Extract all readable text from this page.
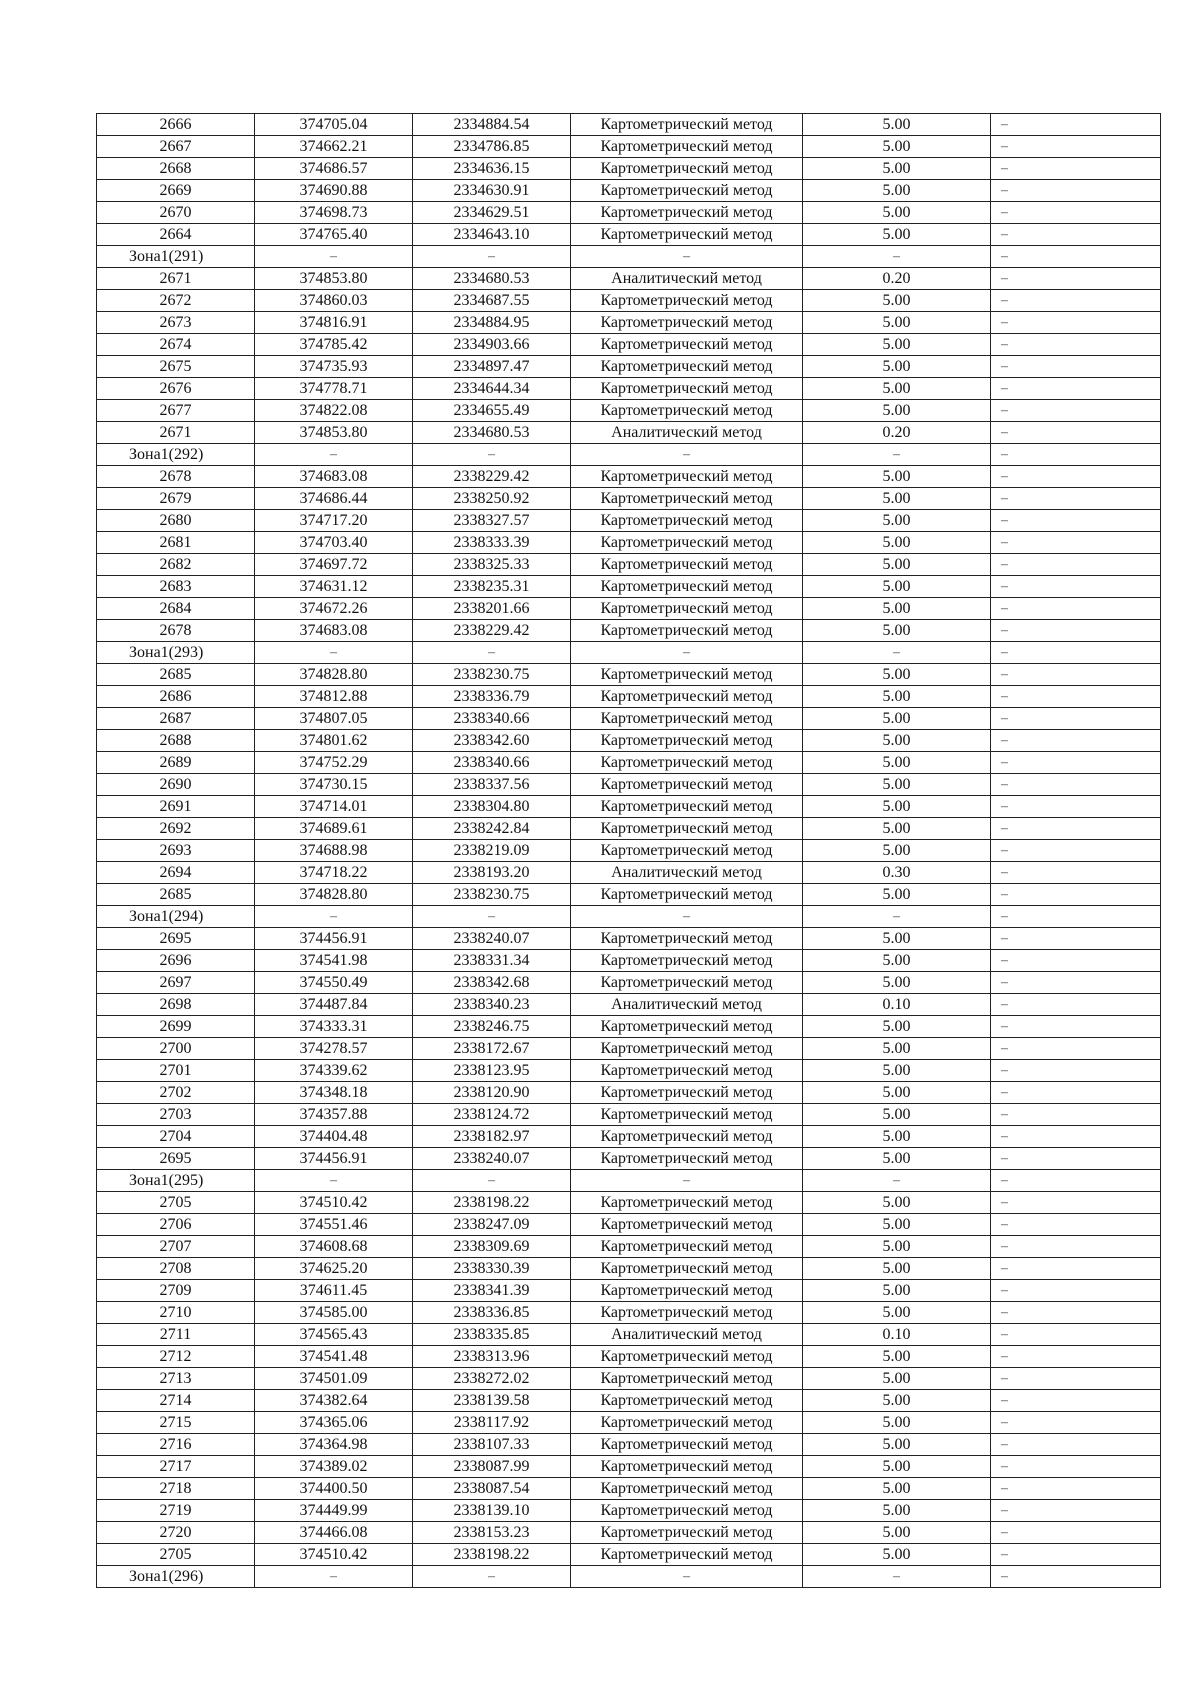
2666	374705.04	2334884.54	Картометрический метод	5.00	–
2667	374662.21	2334786.85	Картометрический метод	5.00	–
2668	374686.57	2334636.15	Картометрический метод	5.00	–
2669	374690.88	2334630.91	Картометрический метод	5.00	–
2670	374698.73	2334629.51	Картометрический метод	5.00	–
2664	374765.40	2334643.10	Картометрический метод	5.00	–
Зона1(291)	–	–	–	–	–
2671	374853.80	2334680.53	Аналитический метод	0.20	–
2672	374860.03	2334687.55	Картометрический метод	5.00	–
2673	374816.91	2334884.95	Картометрический метод	5.00	–
2674	374785.42	2334903.66	Картометрический метод	5.00	–
2675	374735.93	2334897.47	Картометрический метод	5.00	–
2676	374778.71	2334644.34	Картометрический метод	5.00	–
2677	374822.08	2334655.49	Картометрический метод	5.00	–
2671	374853.80	2334680.53	Аналитический метод	0.20	–
Зона1(292)	–	–	–	–	–
2678	374683.08	2338229.42	Картометрический метод	5.00	–
2679	374686.44	2338250.92	Картометрический метод	5.00	–
2680	374717.20	2338327.57	Картометрический метод	5.00	–
2681	374703.40	2338333.39	Картометрический метод	5.00	–
2682	374697.72	2338325.33	Картометрический метод	5.00	–
2683	374631.12	2338235.31	Картометрический метод	5.00	–
2684	374672.26	2338201.66	Картометрический метод	5.00	–
2678	374683.08	2338229.42	Картометрический метод	5.00	–
Зона1(293)	–	–	–	–	–
2685	374828.80	2338230.75	Картометрический метод	5.00	–
2686	374812.88	2338336.79	Картометрический метод	5.00	–
2687	374807.05	2338340.66	Картометрический метод	5.00	–
2688	374801.62	2338342.60	Картометрический метод	5.00	–
2689	374752.29	2338340.66	Картометрический метод	5.00	–
2690	374730.15	2338337.56	Картометрический метод	5.00	–
2691	374714.01	2338304.80	Картометрический метод	5.00	–
2692	374689.61	2338242.84	Картометрический метод	5.00	–
2693	374688.98	2338219.09	Картометрический метод	5.00	–
2694	374718.22	2338193.20	Аналитический метод	0.30	–
2685	374828.80	2338230.75	Картометрический метод	5.00	–
Зона1(294)	–	–	–	–	–
2695	374456.91	2338240.07	Картометрический метод	5.00	–
2696	374541.98	2338331.34	Картометрический метод	5.00	–
2697	374550.49	2338342.68	Картометрический метод	5.00	–
2698	374487.84	2338340.23	Аналитический метод	0.10	–
2699	374333.31	2338246.75	Картометрический метод	5.00	–
2700	374278.57	2338172.67	Картометрический метод	5.00	–
2701	374339.62	2338123.95	Картометрический метод	5.00	–
2702	374348.18	2338120.90	Картометрический метод	5.00	–
2703	374357.88	2338124.72	Картометрический метод	5.00	–
2704	374404.48	2338182.97	Картометрический метод	5.00	–
2695	374456.91	2338240.07	Картометрический метод	5.00	–
Зона1(295)	–	–	–	–	–
2705	374510.42	2338198.22	Картометрический метод	5.00	–
2706	374551.46	2338247.09	Картометрический метод	5.00	–
2707	374608.68	2338309.69	Картометрический метод	5.00	–
2708	374625.20	2338330.39	Картометрический метод	5.00	–
2709	374611.45	2338341.39	Картометрический метод	5.00	–
2710	374585.00	2338336.85	Картометрический метод	5.00	–
2711	374565.43	2338335.85	Аналитический метод	0.10	–
2712	374541.48	2338313.96	Картометрический метод	5.00	–
2713	374501.09	2338272.02	Картометрический метод	5.00	–
2714	374382.64	2338139.58	Картометрический метод	5.00	–
2715	374365.06	2338117.92	Картометрический метод	5.00	–
2716	374364.98	2338107.33	Картометрический метод	5.00	–
2717	374389.02	2338087.99	Картометрический метод	5.00	–
2718	374400.50	2338087.54	Картометрический метод	5.00	–
2719	374449.99	2338139.10	Картометрический метод	5.00	–
2720	374466.08	2338153.23	Картометрический метод	5.00	–
2705	374510.42	2338198.22	Картометрический метод	5.00	–
Зона1(296)	–	–	–	–	–
